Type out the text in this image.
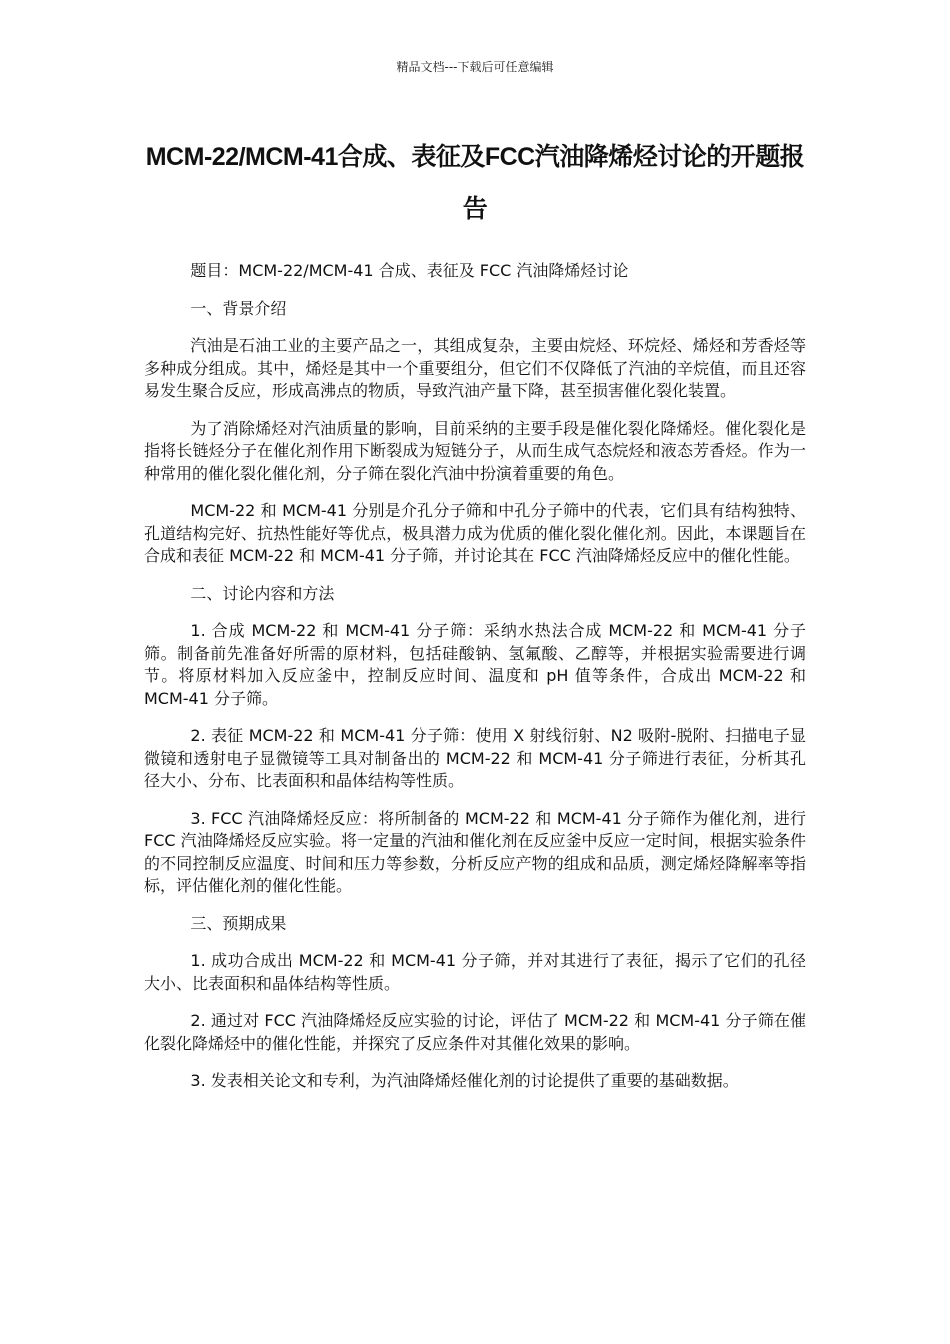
精品文档---下载后可任意编辑
MCM-22/MCM-41合成、表征及FCC汽油降烯烃讨论的开题报告

题目：MCM-22/MCM-41 合成、表征及 FCC 汽油降烯烃讨论

一、背景介绍

汽油是石油工业的主要产品之一，其组成复杂，主要由烷烃、环烷烃、烯烃和芳香烃等多种成分组成。其中，烯烃是其中一个重要组分，但它们不仅降低了汽油的辛烷值，而且还容易发生聚合反应，形成高沸点的物质，导致汽油产量下降，甚至损害催化裂化装置。

为了消除烯烃对汽油质量的影响，目前采纳的主要手段是催化裂化降烯烃。催化裂化是指将长链烃分子在催化剂作用下断裂成为短链分子，从而生成气态烷烃和液态芳香烃。作为一种常用的催化裂化催化剂，分子筛在裂化汽油中扮演着重要的角色。

MCM-22 和 MCM-41 分别是介孔分子筛和中孔分子筛中的代表，它们具有结构独特、孔道结构完好、抗热性能好等优点，极具潜力成为优质的催化裂化催化剂。因此，本课题旨在合成和表征 MCM-22 和 MCM-41 分子筛，并讨论其在 FCC 汽油降烯烃反应中的催化性能。

二、讨论内容和方法

1. 合成 MCM-22 和 MCM-41 分子筛：采纳水热法合成 MCM-22 和 MCM-41 分子筛。制备前先准备好所需的原材料，包括硅酸钠、氢氟酸、乙醇等，并根据实验需要进行调节。将原材料加入反应釜中，控制反应时间、温度和 pH 值等条件，合成出 MCM-22 和 MCM-41 分子筛。

2. 表征 MCM-22 和 MCM-41 分子筛：使用 X 射线衍射、N2 吸附-脱附、扫描电子显微镜和透射电子显微镜等工具对制备出的 MCM-22 和 MCM-41 分子筛进行表征，分析其孔径大小、分布、比表面积和晶体结构等性质。

3. FCC 汽油降烯烃反应：将所制备的 MCM-22 和 MCM-41 分子筛作为催化剂，进行 FCC 汽油降烯烃反应实验。将一定量的汽油和催化剂在反应釜中反应一定时间，根据实验条件的不同控制反应温度、时间和压力等参数，分析反应产物的组成和品质，测定烯烃降解率等指标，评估催化剂的催化性能。

三、预期成果

1. 成功合成出 MCM-22 和 MCM-41 分子筛，并对其进行了表征，揭示了它们的孔径大小、比表面积和晶体结构等性质。

2. 通过对 FCC 汽油降烯烃反应实验的讨论，评估了 MCM-22 和 MCM-41 分子筛在催化裂化降烯烃中的催化性能，并探究了反应条件对其催化效果的影响。

3. 发表相关论文和专利，为汽油降烯烃催化剂的讨论提供了重要的基础数据。
